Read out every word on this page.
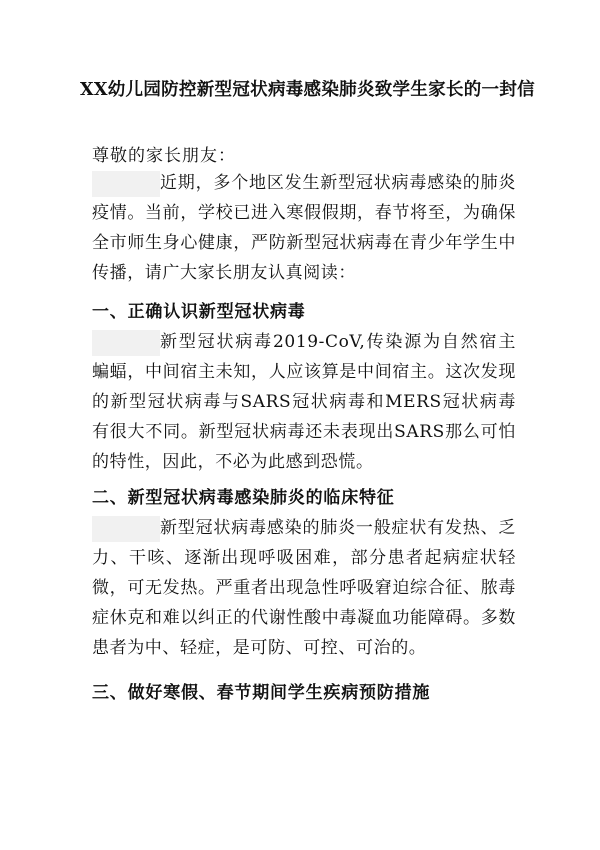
XX幼儿园防控新型冠状病毒感染肺炎致学生家长的一封信
尊敬的家长朋友：
近期，多个地区发生新型冠状病毒感染的肺炎疫情。当前，学校已进入寒假假期，春节将至，为确保全市师生身心健康，严防新型冠状病毒在青少年学生中传播，请广大家长朋友认真阅读：
一、正确认识新型冠状病毒
新型冠状病毒2019-CoV,传染源为自然宿主蝙蝠，中间宿主未知，人应该算是中间宿主。这次发现的新型冠状病毒与SARS冠状病毒和MERS冠状病毒有很大不同。新型冠状病毒还未表现出SARS那么可怕的特性，因此，不必为此感到恐慌。
二、新型冠状病毒感染肺炎的临床特征
新型冠状病毒感染的肺炎一般症状有发热、乏力、干咳、逐渐出现呼吸困难，部分患者起病症状轻微，可无发热。严重者出现急性呼吸窘迫综合征、脓毒症休克和难以纠正的代谢性酸中毒凝血功能障碍。多数患者为中、轻症，是可防、可控、可治的。
三、做好寒假、春节期间学生疾病预防措施
